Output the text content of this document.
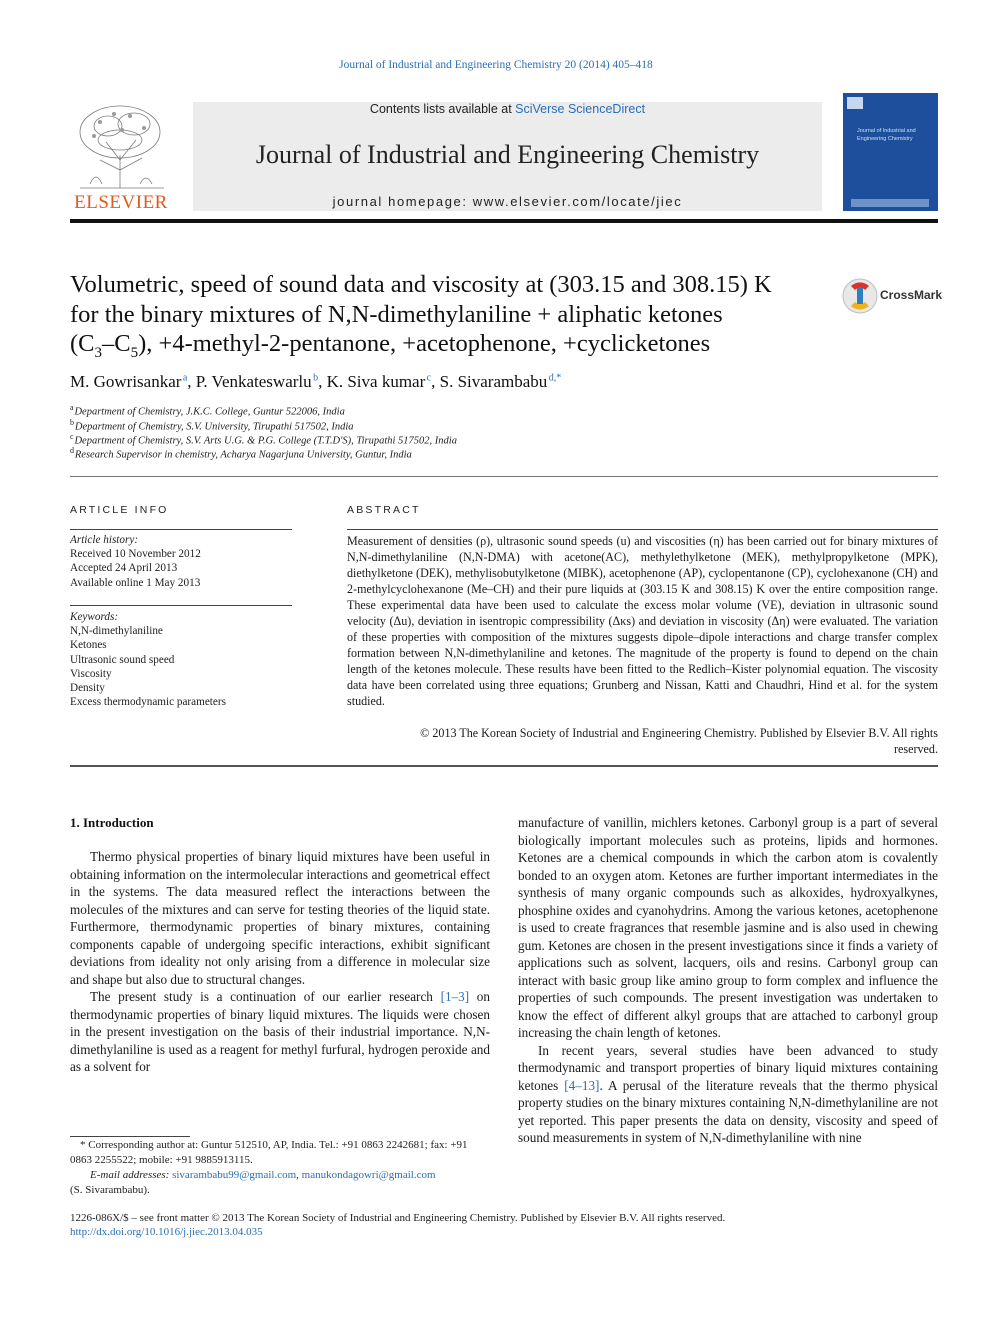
Journal of Industrial and Engineering Chemistry 20 (2014) 405–418
ELSEVIER
Contents lists available at SciVerse ScienceDirect
Journal of Industrial and Engineering Chemistry
journal homepage: www.elsevier.com/locate/jiec
Journal of Industrial and Engineering Chemistry
Volumetric, speed of sound data and viscosity at (303.15 and 308.15) K
for the binary mixtures of N,N-dimethylaniline + aliphatic ketones
$(C_3-C_5)$, +4-methyl-2-pentanone, +acetophenone, +cyclicketones
CrossMark
M. Gowrisankar $^a$, P. Venkateswarlu $^b$, K. Siva kumar $^c$, S. Sivarambabu $^{d,*}$
$^a$ Department of Chemistry, J.K.C. College, Guntur 522006, India
$^b$ Department of Chemistry, S.V. University, Tirupathi 517502, India
$^c$ Department of Chemistry, S.V. Arts U.G. & P.G. College (T.T.D'S), Tirupathi 517502, India
$^d$ Research Supervisor in chemistry, Acharya Nagarjuna University, Guntur, India
ARTICLE INFO
Article history:
Received 10 November 2012
Accepted 24 April 2013
Available online 1 May 2013
Keywords:
N,N-dimethylaniline
Ketones
Ultrasonic sound speed
Viscosity
Density
Excess thermodynamic parameters
ABSTRACT
Measurement of densities (ρ), ultrasonic sound speeds (u) and viscosities (η) has been carried out for binary mixtures of N,N-dimethylaniline (N,N-DMA) with acetone(AC), methylethylketone (MEK), methylpropylketone (MPK), diethylketone (DEK), methylisobutylketone (MIBK), acetophenone (AP), cyclopentanone (CP), cyclohexanone (CH) and 2-methylcyclohexanone (Me–CH) and their pure liquids at (303.15 K and 308.15) K over the entire composition range. These experimental data have been used to calculate the excess molar volume (VE), deviation in ultrasonic sound velocity (Δu), deviation in isentropic compressibility (Δκs) and deviation in viscosity (Δη) were evaluated. The variation of these properties with composition of the mixtures suggests dipole–dipole interactions and charge transfer complex formation between N,N-dimethylaniline and ketones. The magnitude of the property is found to depend on the chain length of the ketones molecule. These results have been fitted to the Redlich–Kister polynomial equation. The viscosity data have been correlated using three equations; Grunberg and Nissan, Katti and Chaudhri, Hind et al. for the system studied.
© 2013 The Korean Society of Industrial and Engineering Chemistry. Published by Elsevier B.V. All rights
reserved.
1. Introduction

Thermo physical properties of binary liquid mixtures have been useful in obtaining information on the intermolecular interactions and geometrical effect in the systems. The data measured reflect the interactions between the molecules of the mixtures and can serve for testing theories of the liquid state. Furthermore, thermodynamic properties of binary mixtures, containing components capable of undergoing specific interactions, exhibit significant deviations from ideality not only arising from a difference in molecular size and shape but also due to structural changes.

The present study is a continuation of our earlier research [1–3] on thermodynamic properties of binary liquid mixtures. The liquids were chosen in the present investigation on the basis of their industrial importance. N,N-dimethylaniline is used as a reagent for methyl furfural, hydrogen peroxide and as a solvent for

manufacture of vanillin, michlers ketones. Carbonyl group is a part of several biologically important molecules such as proteins, lipids and hormones. Ketones are a chemical compounds in which the carbon atom is covalently bonded to an oxygen atom. Ketones are further important intermediates in the synthesis of many organic compounds such as alkoxides, hydroxyalkynes, phosphine oxides and cyanohydrins. Among the various ketones, acetophenone is used to create fragrances that resemble jasmine and is also used in chewing gum. Ketones are chosen in the present investigations since it finds a variety of applications such as solvent, lacquers, oils and resins. Carbonyl group can interact with basic group like amino group to form complex and influence the properties of such compounds. The present investigation was undertaken to know the effect of different alkyl groups that are attached to carbonyl group increasing the chain length of ketones.

In recent years, several studies have been advanced to study thermodynamic and transport properties of binary liquid mixtures containing ketones [4–13]. A perusal of the literature reveals that the thermo physical property studies on the binary mixtures containing N,N-dimethylaniline are not yet reported. This paper presents the data on density, viscosity and speed of sound measurements in system of N,N-dimethylaniline with nine

* Corresponding author at: Guntur 512510, AP, India. Tel.: +91 0863 2242681; fax: +91 0863 2255522; mobile: +91 9885913115.
E-mail addresses: sivarambabu99@gmail.com, manukondagowri@gmail.com
(S. Sivarambabu).
1226-086X/$ – see front matter © 2013 The Korean Society of Industrial and Engineering Chemistry. Published by Elsevier B.V. All rights reserved.
http://dx.doi.org/10.1016/j.jiec.2013.04.035
